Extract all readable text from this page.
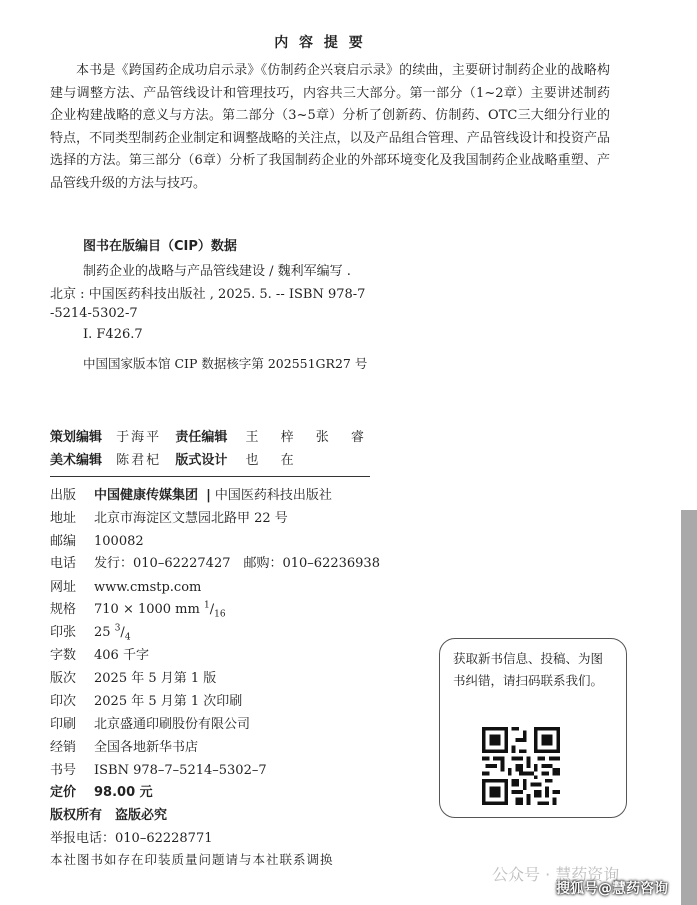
内 容 提 要
本书是《跨国药企成功启示录》《仿制药企兴衰启示录》的续曲，主要研讨制药企业的战略构建与调整方法、产品管线设计和管理技巧，内容共三大部分。第一部分（1~2章）主要讲述制药企业构建战略的意义与方法。第二部分（3~5章）分析了创新药、仿制药、OTC三大细分行业的特点，不同类型制药企业制定和调整战略的关注点，以及产品组合管理、产品管线设计和投资产品选择的方法。第三部分（6章）分析了我国制药企业的外部环境变化及我国制药企业战略重塑、产品管线升级的方法与技巧。
图书在版编目（CIP）数据
制药企业的战略与产品管线建设 / 魏利军编写 .
北京 : 中国医药科技出版社 , 2025. 5. -- ISBN 978-7
-5214-5302-7
Ⅰ. F426.7
中国国家版本馆 CIP 数据核字第 202551GR27 号
策划编辑 于海平 责任编辑 王 梓 张 睿
美术编辑 陈君杞 版式设计 也 在
出版 中国健康传媒集团 | 中国医药科技出版社
地址 北京市海淀区文慧园北路甲 22 号
邮编 100082
电话 发行：010–62227427　邮购：010–62236938
网址 www.cmstp.com
规格 710 × 1000 mm $^1/_{16}$
印张 25 $^3/_4$
字数 406 千字
版次 2025 年 5 月第 1 版
印次 2025 年 5 月第 1 次印刷
印刷 北京盛通印刷股份有限公司
经销 全国各地新华书店
书号 ISBN 978–7–5214–5302–7
定价 98.00 元
版权所有　盗版必究
举报电话：010–62228771
本社图书如存在印装质量问题请与本社联系调换
获取新书信息、投稿、为图书纠错，请扫码联系我们。
公众号 · 慧药资询
搜狐号@慧药咨询
